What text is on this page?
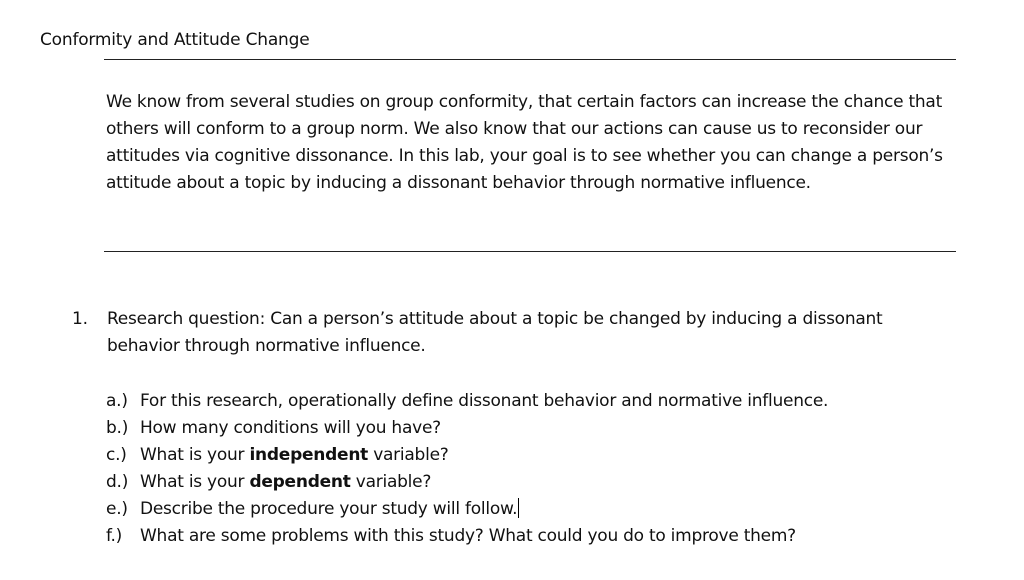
Conformity and Attitude Change
We know from several studies on group conformity, that certain factors can increase the chance that others will conform to a group norm. We also know that our actions can cause us to reconsider our attitudes via cognitive dissonance. In this lab, your goal is to see whether you can change a person’s attitude about a topic by inducing a dissonant behavior through normative influence.
1. Research question: Can a person’s attitude about a topic be changed by inducing a dissonant behavior through normative influence.
a.) For this research, operationally define dissonant behavior and normative influence.
b.) How many conditions will you have?
c.) What is your independent variable?
d.) What is your dependent variable?
e.) Describe the procedure your study will follow.
f.) What are some problems with this study? What could you do to improve them?
